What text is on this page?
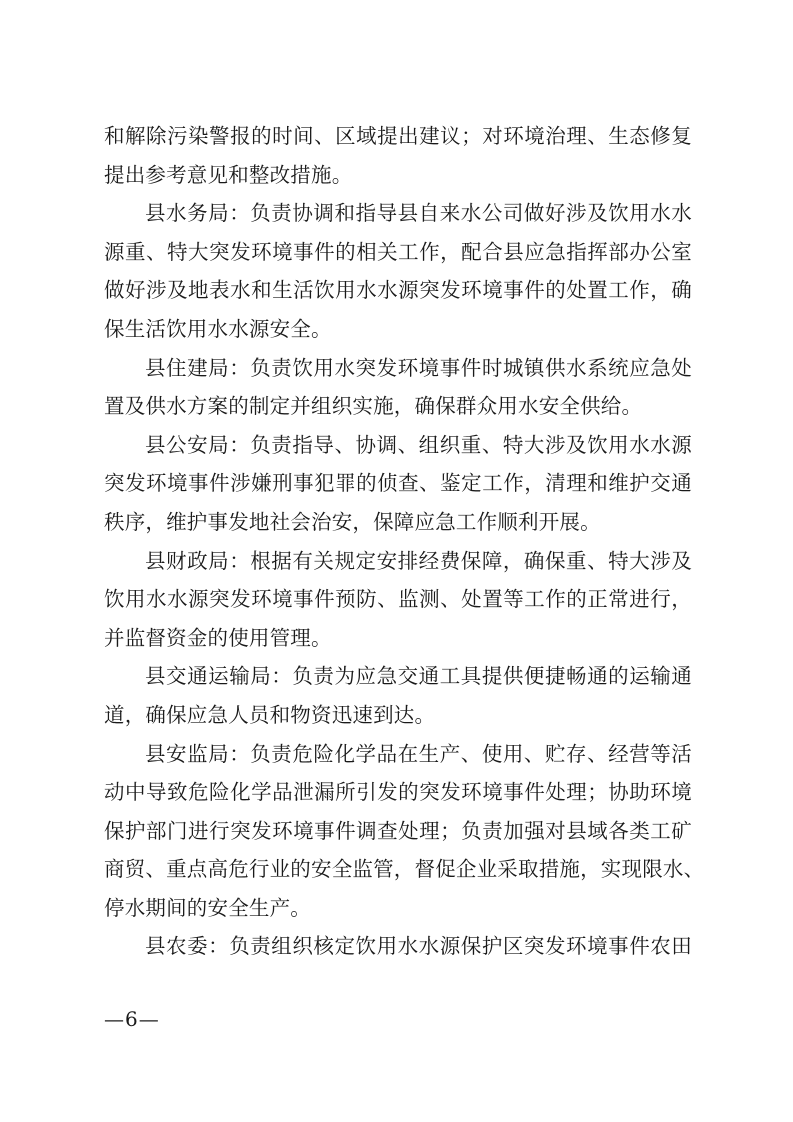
和解除污染警报的时间、区域提出建议；对环境治理、生态修复
提出参考意见和整改措施。
县水务局：负责协调和指导县自来水公司做好涉及饮用水水
源重、特大突发环境事件的相关工作，配合县应急指挥部办公室
做好涉及地表水和生活饮用水水源突发环境事件的处置工作，确
保生活饮用水水源安全。
县住建局：负责饮用水突发环境事件时城镇供水系统应急处
置及供水方案的制定并组织实施，确保群众用水安全供给。
县公安局：负责指导、协调、组织重、特大涉及饮用水水源
突发环境事件涉嫌刑事犯罪的侦查、鉴定工作，清理和维护交通
秩序，维护事发地社会治安，保障应急工作顺利开展。
县财政局：根据有关规定安排经费保障，确保重、特大涉及
饮用水水源突发环境事件预防、监测、处置等工作的正常进行，
并监督资金的使用管理。
县交通运输局：负责为应急交通工具提供便捷畅通的运输通
道，确保应急人员和物资迅速到达。
县安监局：负责危险化学品在生产、使用、贮存、经营等活
动中导致危险化学品泄漏所引发的突发环境事件处理；协助环境
保护部门进行突发环境事件调查处理；负责加强对县域各类工矿
商贸、重点高危行业的安全监管，督促企业采取措施，实现限水、
停水期间的安全生产。
县农委：负责组织核定饮用水水源保护区突发环境事件农田
—6—
